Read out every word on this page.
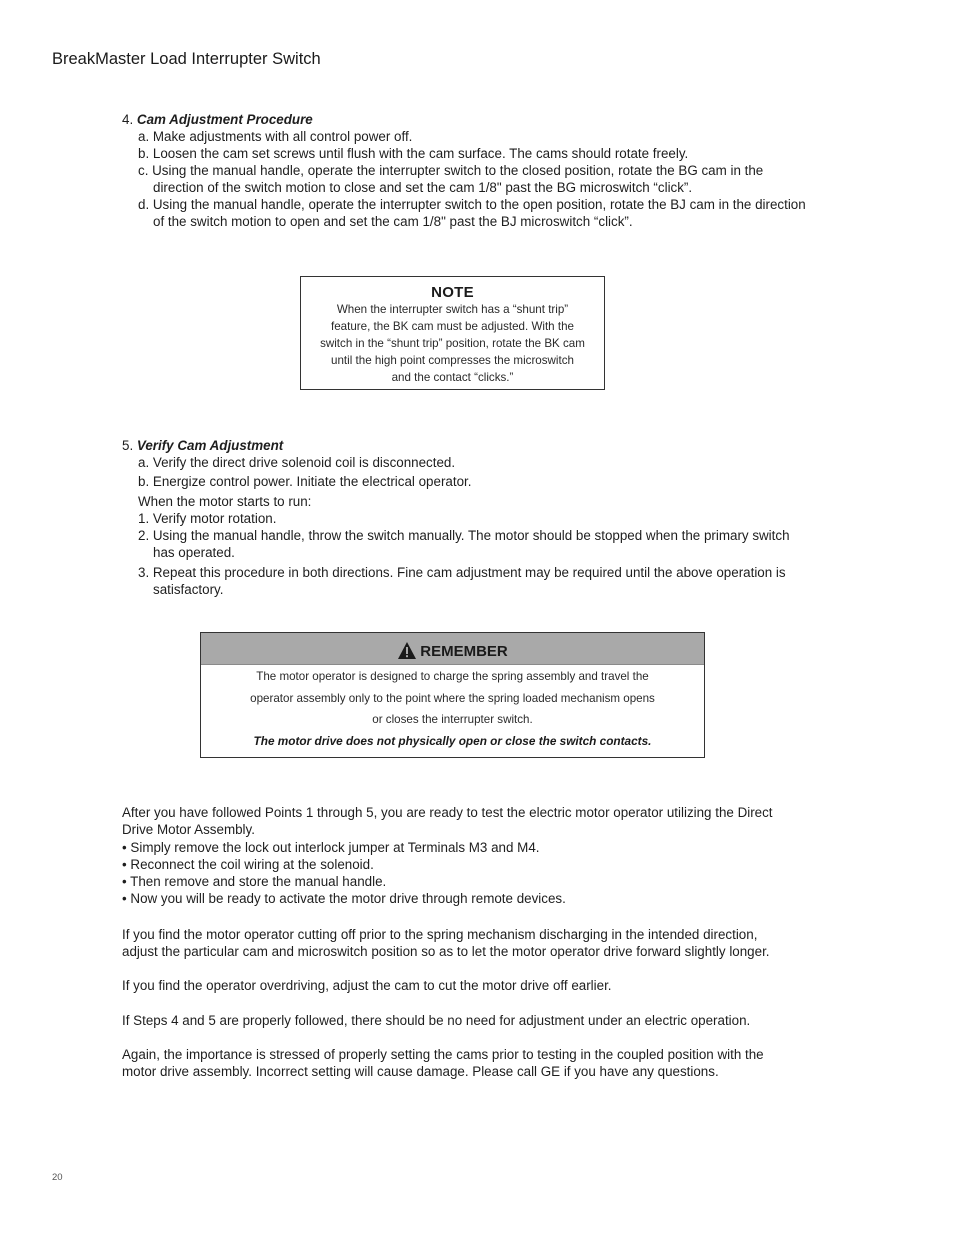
BreakMaster Load Interrupter Switch
4. Cam Adjustment Procedure
a. Make adjustments with all control power off.
b. Loosen the cam set screws until flush with the cam surface. The cams should rotate freely.
c. Using the manual handle, operate the interrupter switch to the closed position, rotate the BG cam in the
direction of the switch motion to close and set the cam 1/8" past the BG microswitch “click”.
d. Using the manual handle, operate the interrupter switch to the open position, rotate the BJ cam in the direction
of the switch motion to open and set the cam 1/8" past the BJ microswitch “click”.
NOTE
When the interrupter switch has a “shunt trip”
feature, the BK cam must be adjusted. With the
switch in the “shunt trip” position, rotate the BK cam
until the high point compresses the microswitch
and the contact “clicks.”
5. Verify Cam Adjustment
a. Verify the direct drive solenoid coil is disconnected.
b. Energize control power. Initiate the electrical operator.
When the motor starts to run:
1. Verify motor rotation.
2. Using the manual handle, throw the switch manually. The motor should be stopped when the primary switch
has operated.
3. Repeat this procedure in both directions. Fine cam adjustment may be required until the above operation is
satisfactory.
REMEMBER
The motor operator is designed to charge the spring assembly and travel the
operator assembly only to the point where the spring loaded mechanism opens
or closes the interrupter switch.
The motor drive does not physically open or close the switch contacts.
After you have followed Points 1 through 5, you are ready to test the electric motor operator utilizing the Direct
Drive Motor Assembly.
• Simply remove the lock out interlock jumper at Terminals M3 and M4.
• Reconnect the coil wiring at the solenoid.
• Then remove and store the manual handle.
• Now you will be ready to activate the motor drive through remote devices.
If you find the motor operator cutting off prior to the spring mechanism discharging in the intended direction,
adjust the particular cam and microswitch position so as to let the motor operator drive forward slightly longer.
If you find the operator overdriving, adjust the cam to cut the motor drive off earlier.
If Steps 4 and 5 are properly followed, there should be no need for adjustment under an electric operation.
Again, the importance is stressed of properly setting the cams prior to testing in the coupled position with the
motor drive assembly. Incorrect setting will cause damage. Please call GE if you have any questions.
20
